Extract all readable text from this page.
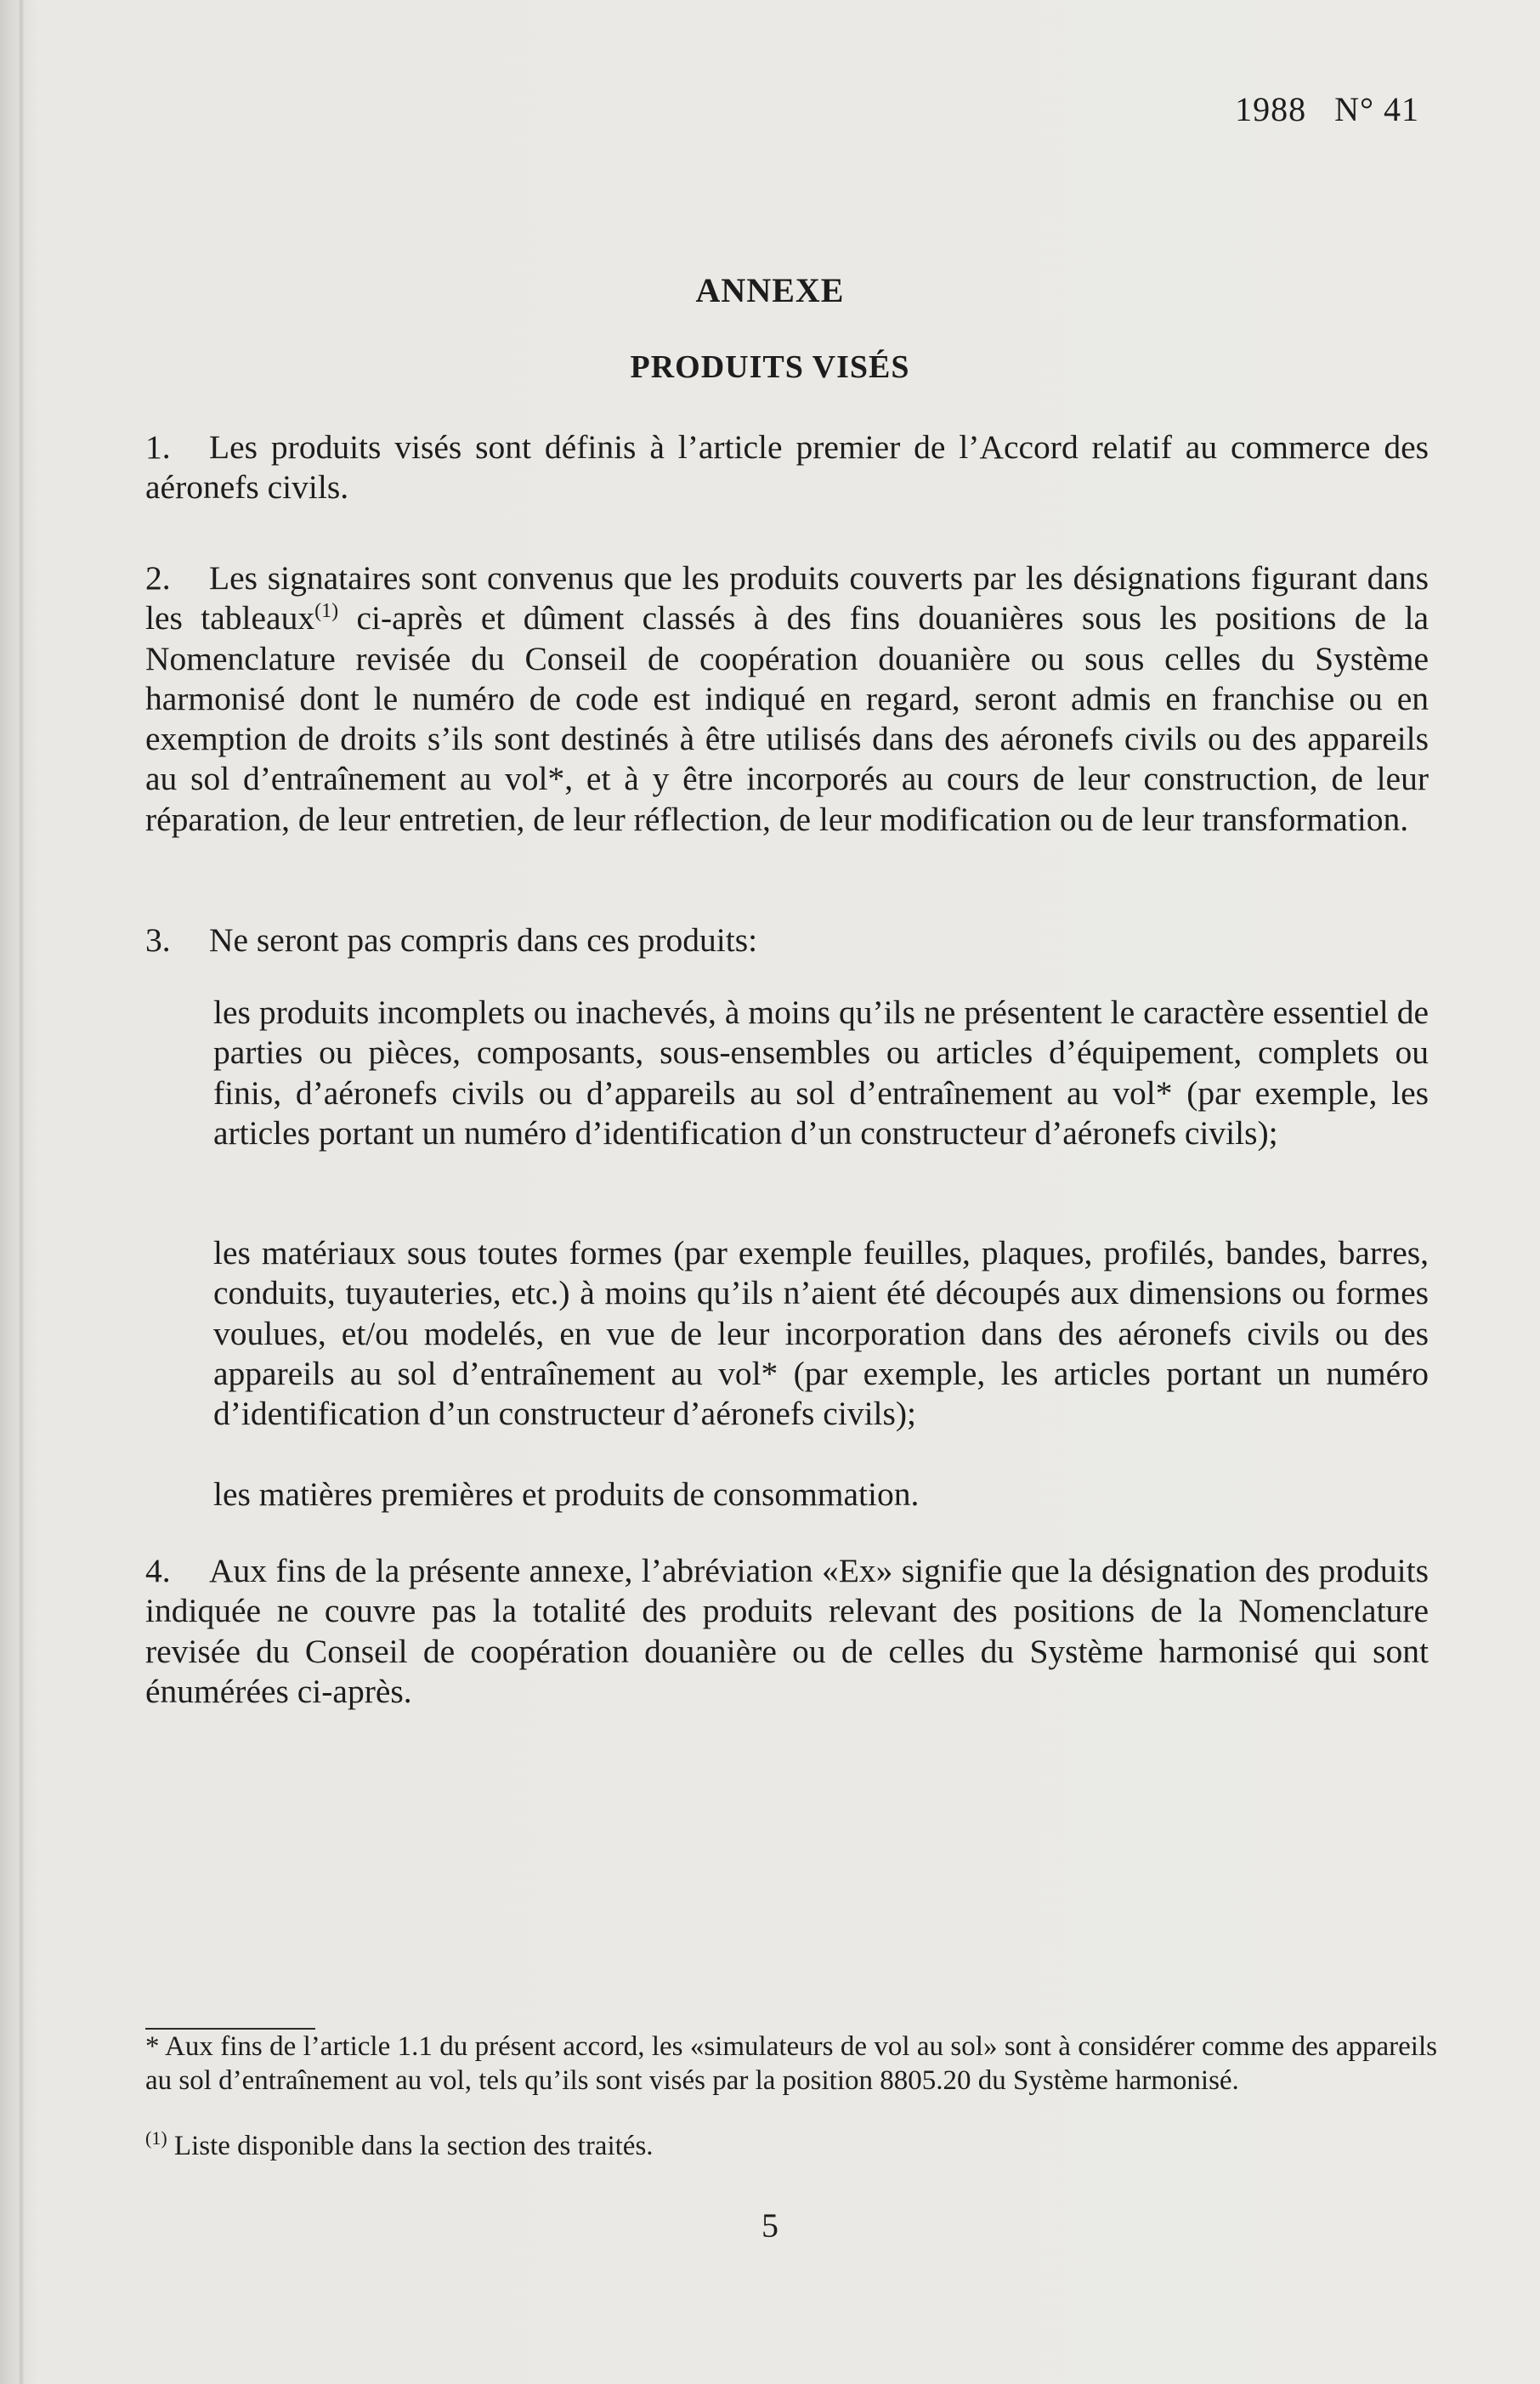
1988   N° 41
ANNEXE
PRODUITS VISÉS

1. Les produits visés sont définis à l’article premier de l’Accord relatif au commerce des aéronefs civils.

2. Les signataires sont convenus que les produits couverts par les désignations figurant dans les tableaux$^{(1)}$ ci-après et dûment classés à des fins douanières sous les positions de la Nomenclature revisée du Conseil de coopération douanière ou sous celles du Système harmonisé dont le numéro de code est indiqué en regard, seront admis en franchise ou en exemption de droits s’ils sont destinés à être utilisés dans des aéronefs civils ou des appareils au sol d’entraînement au vol*, et à y être incorporés au cours de leur construction, de leur réparation, de leur entretien, de leur réflection, de leur modification ou de leur transformation.

3. Ne seront pas compris dans ces produits:

les produits incomplets ou inachevés, à moins qu’ils ne présentent le caractère essentiel de parties ou pièces, composants, sous-ensembles ou articles d’équipement, complets ou finis, d’aéronefs civils ou d’appareils au sol d’entraînement au vol* (par exemple, les articles portant un numéro d’identification d’un constructeur d’aéronefs civils);

les matériaux sous toutes formes (par exemple feuilles, plaques, profilés, bandes, barres, conduits, tuyauteries, etc.) à moins qu’ils n’aient été découpés aux dimensions ou formes voulues, et/ou modelés, en vue de leur incorporation dans des aéronefs civils ou des appareils au sol d’entraînement au vol* (par exemple, les articles portant un numéro d’identification d’un constructeur d’aéronefs civils);

les matières premières et produits de consommation.

4. Aux fins de la présente annexe, l’abréviation «Ex» signifie que la désignation des produits indiquée ne couvre pas la totalité des produits relevant des positions de la Nomenclature revisée du Conseil de coopération douanière ou de celles du Système harmonisé qui sont énumérées ci-après.

* Aux fins de l’article 1.1 du présent accord, les «simulateurs de vol au sol» sont à considérer comme des appareils au sol d’entraînement au vol, tels qu’ils sont visés par la position 8805.20 du Système harmonisé.

$^{(1)}$ Liste disponible dans la section des traités.

5
